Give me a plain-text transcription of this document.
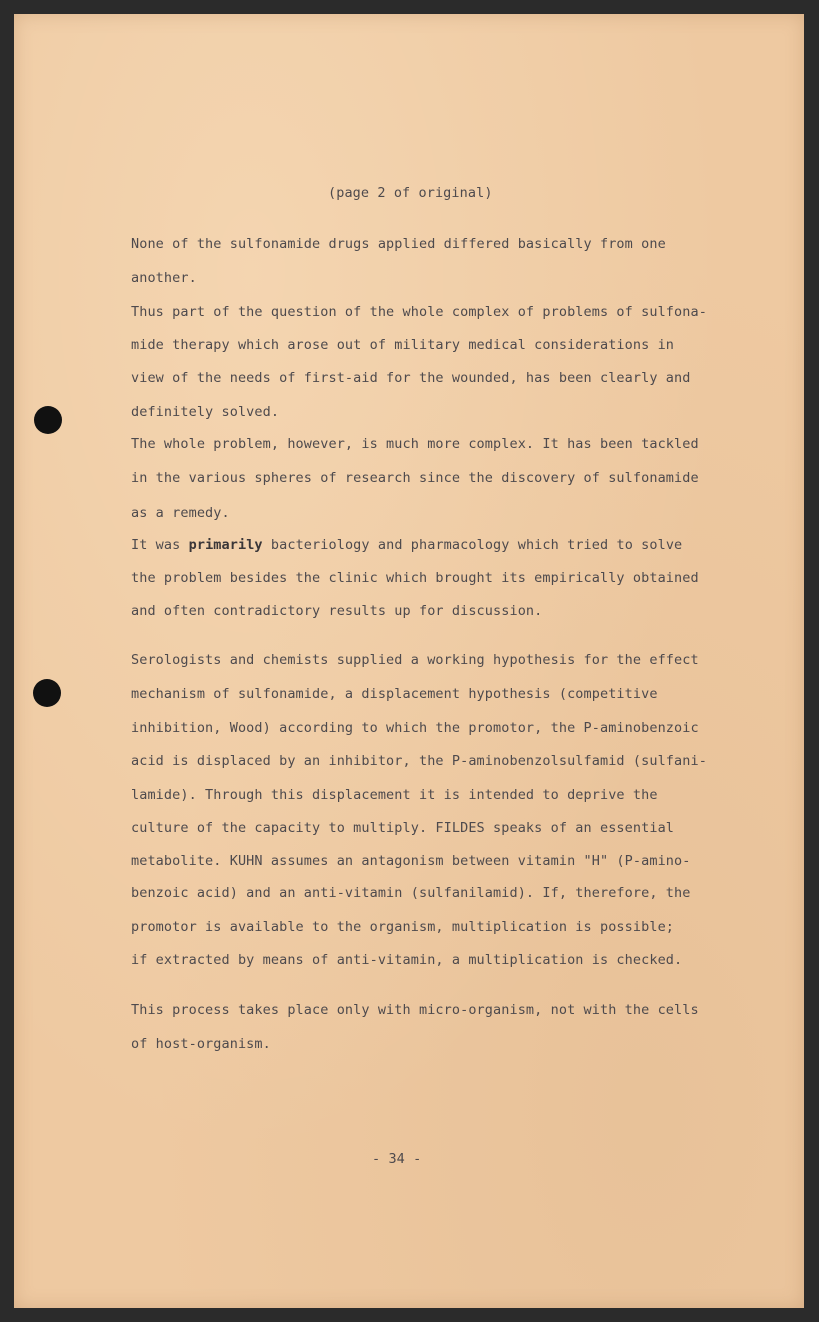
(page 2 of original)
None of the sulfonamide drugs applied differed basically from one
another.
Thus part of the question of the whole complex of problems of sulfona-
mide therapy which arose out of military medical considerations in
view of the needs of first-aid for the wounded, has been clearly and
definitely solved.
The whole problem, however, is much more complex. It has been tackled
in the various spheres of research since the discovery of sulfonamide
as a remedy.
It was primarily bacteriology and pharmacology which tried to solve
the problem besides the clinic which brought its empirically obtained
and often contradictory results up for discussion.
Serologists and chemists supplied a working hypothesis for the effect
mechanism of sulfonamide, a displacement hypothesis (competitive
inhibition, Wood) according to which the promotor, the P-aminobenzoic
acid is displaced by an inhibitor, the P-aminobenzolsulfamid (sulfani-
lamide). Through this displacement it is intended to deprive the
culture of the capacity to multiply. FILDES speaks of an essential
metabolite. KUHN assumes an antagonism between vitamin "H" (P-amino-
benzoic acid) and an anti-vitamin (sulfanilamid). If, therefore, the
promotor is available to the organism, multiplication is possible;
if extracted by means of anti-vitamin, a multiplication is checked.
This process takes place only with micro-organism, not with the cells
of host-organism.
- 34 -
